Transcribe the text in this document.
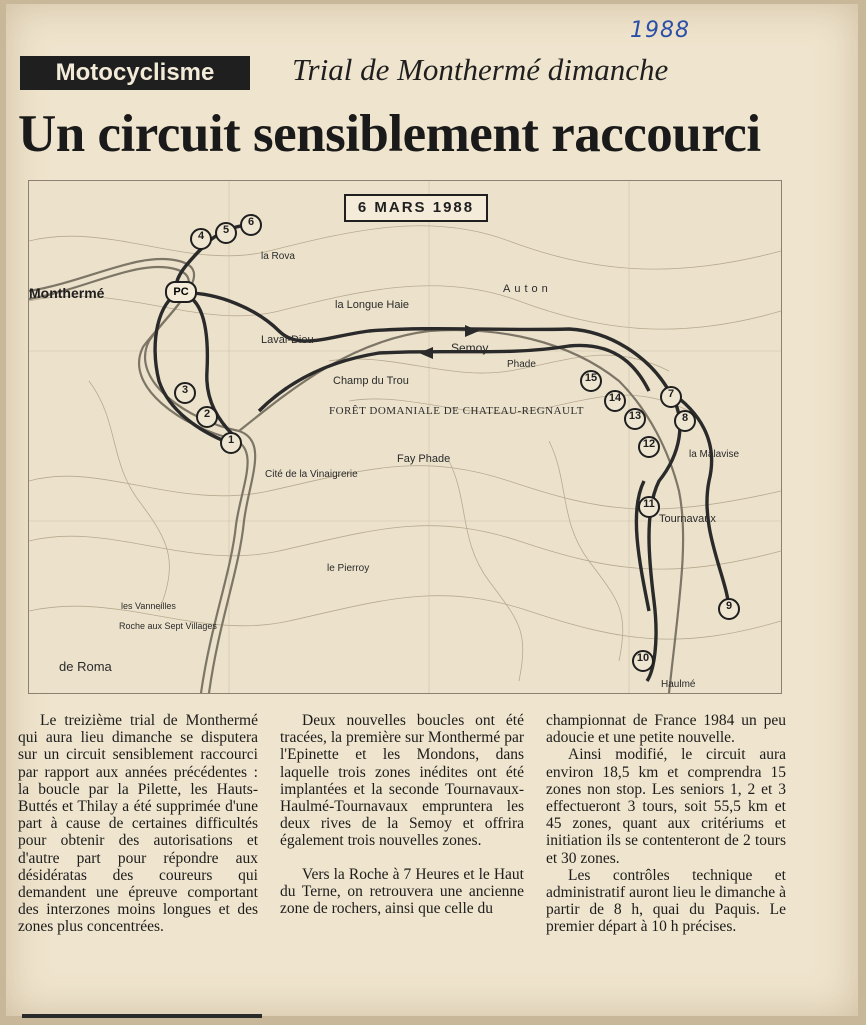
1988
Motocyclisme	Trial de Monthermé dimanche
Un circuit sensiblement raccourci
6 MARS 1988
PC
1
2
3
4	5
6
7
8
9
10
11
12
13
14
15
Monthermé
Laval-Dieu
la Longue Haie
Semoy
Champ du Trou
FORÊT DOMANIALE DE CHATEAU-REGNAULT
Fay Phade
Cité de la Vinaigrerie
Tournavaux
le Pierroy
de Roma
la Malavise
Haulmé
Auton
Phade
la Rova
les Vanneilles
Roche aux Sept Villages

Le treizième trial de Monthermé qui aura lieu dimanche se disputera sur un circuit sensiblement raccourci par rapport aux années précédentes : la boucle par la Pilette, les Hauts-Buttés et Thilay a été supprimée d'une part à cause de certaines difficultés pour obtenir des autorisations et d'autre part pour répondre aux désidératas des coureurs qui demandent une épreuve comportant des interzones moins longues et des zones plus concentrées.

Deux nouvelles boucles ont été tracées, la première sur Monthermé par l'Epinette et les Mondons, dans laquelle trois zones inédites ont été implantées et la seconde Tournavaux-Haulmé-Tournavaux empruntera les deux rives de la Semoy et offrira également trois nouvelles zones.

Vers la Roche à 7 Heures et le Haut du Terne, on retrouvera une ancienne zone de rochers, ainsi que celle du

championnat de France 1984 un peu adoucie et une petite nouvelle.

Ainsi modifié, le circuit aura environ 18,5 km et comprendra 15 zones non stop. Les seniors 1, 2 et 3 effectueront 3 tours, soit 55,5 km et 45 zones, quant aux critériums et initiation ils se contenteront de 2 tours et 30 zones.

Les contrôles technique et administratif auront lieu le dimanche à partir de 8 h, quai du Paquis. Le premier départ à 10 h précises.
